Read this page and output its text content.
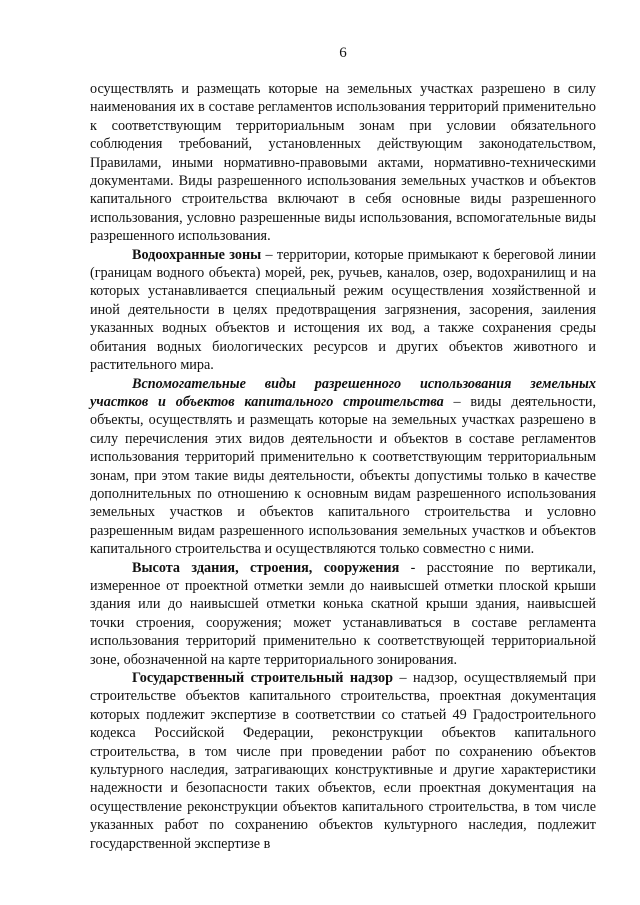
6

осуществлять и размещать которые на земельных участках разрешено в силу наименования их в составе регламентов использования территорий применительно к соответствующим территориальным зонам при условии обязательного соблюдения требований, установленных действующим законодательством, Правилами, иными нормативно-правовыми актами, нормативно-техническими документами. Виды разрешенного использования земельных участков и объектов капитального строительства включают в себя основные виды разрешенного использования, условно разрешенные виды использования, вспомогательные виды разрешенного использования.

Водоохранные зоны – территории, которые примыкают к береговой линии (границам водного объекта) морей, рек, ручьев, каналов, озер, водохранилищ и на которых устанавливается специальный режим осуществления хозяйственной и иной деятельности в целях предотвращения загрязнения, засорения, заиления указанных водных объектов и истощения их вод, а также сохранения среды обитания водных биологических ресурсов и других объектов животного и растительного мира.

Вспомогательные виды разрешенного использования земельных участков и объектов капитального строительства – виды деятельности, объекты, осуществлять и размещать которые на земельных участках разрешено в силу перечисления этих видов деятельности и объектов в составе регламентов использования территорий применительно к соответствующим территориальным зонам, при этом такие виды деятельности, объекты допустимы только в качестве дополнительных по отношению к основным видам разрешенного использования земельных участков и объектов капитального строительства и условно разрешенным видам разрешенного использования земельных участков и объектов капитального строительства и осуществляются только совместно с ними.

Высота здания, строения, сооружения - расстояние по вертикали, измеренное от проектной отметки земли до наивысшей отметки плоской крыши здания или до наивысшей отметки конька скатной крыши здания, наивысшей точки строения, сооружения; может устанавливаться в составе регламента использования территорий применительно к соответствующей территориальной зоне, обозначенной на карте территориального зонирования.

Государственный строительный надзор – надзор, осуществляемый при строительстве объектов капитального строительства, проектная документация которых подлежит экспертизе в соответствии со статьей 49 Градостроительного кодекса Российской Федерации, реконструкции объектов капитального строительства, в том числе при проведении работ по сохранению объектов культурного наследия, затрагивающих конструктивные и другие характеристики надежности и безопасности таких объектов, если проектная документация на осуществление реконструкции объектов капитального строительства, в том числе указанных работ по сохранению объектов культурного наследия, подлежит государственной экспертизе в
